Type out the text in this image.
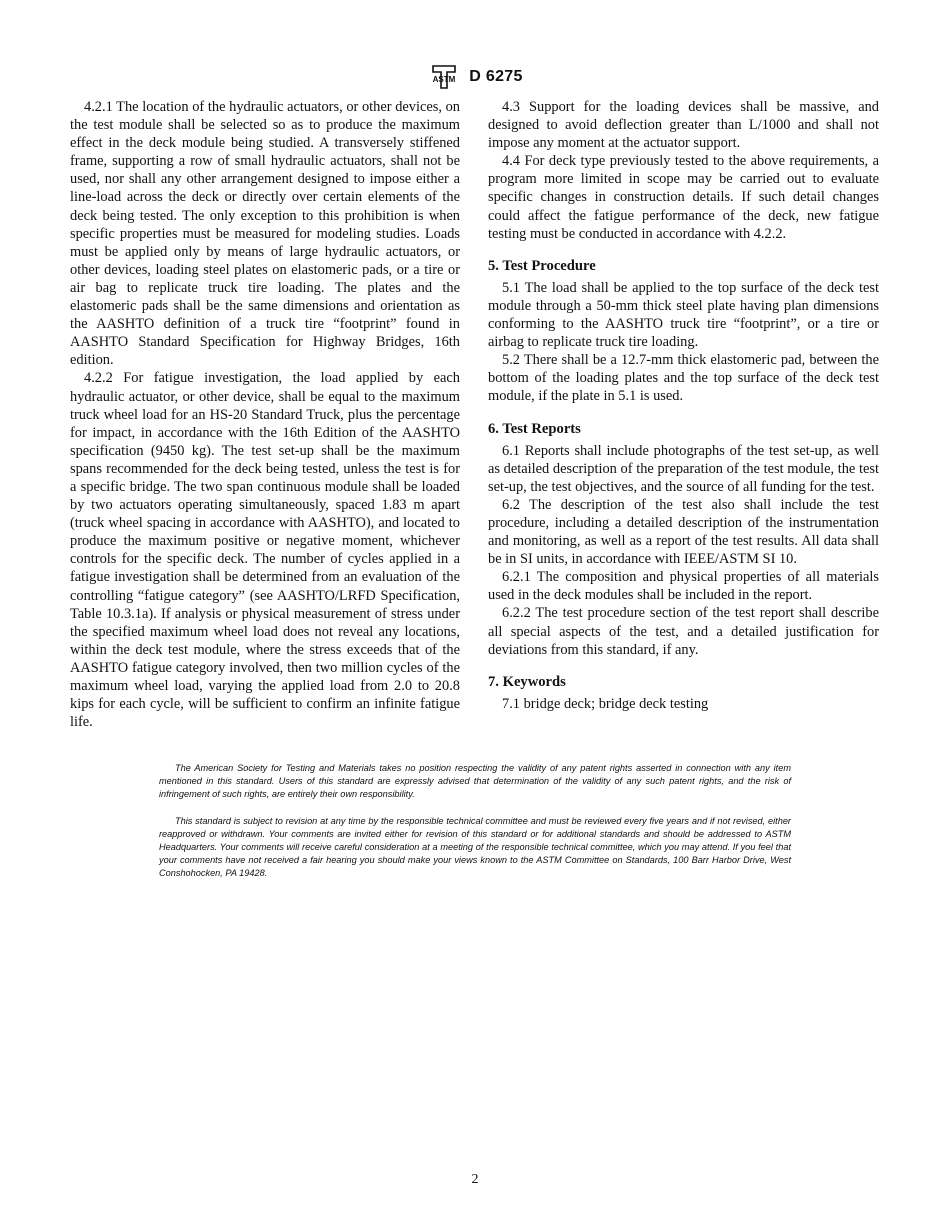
ASTM D 6275

4.2.1 The location of the hydraulic actuators, or other devices, on the test module shall be selected so as to produce the maximum effect in the deck module being studied. A transversely stiffened frame, supporting a row of small hydraulic actuators, shall not be used, nor shall any other arrangement designed to impose either a line-load across the deck or directly over certain elements of the deck being tested. The only exception to this prohibition is when specific properties must be measured for modeling studies. Loads must be applied only by means of large hydraulic actuators, or other devices, loading steel plates on elastomeric pads, or a tire or air bag to replicate truck tire loading. The plates and the elastomeric pads shall be the same dimensions and orientation as the AASHTO definition of a truck tire “footprint” found in AASHTO Standard Specification for Highway Bridges, 16th edition.

4.2.2 For fatigue investigation, the load applied by each hydraulic actuator, or other device, shall be equal to the maximum truck wheel load for an HS-20 Standard Truck, plus the percentage for impact, in accordance with the 16th Edition of the AASHTO specification (9450 kg). The test set-up shall be the maximum spans recommended for the deck being tested, unless the test is for a specific bridge. The two span continuous module shall be loaded by two actuators operating simultaneously, spaced 1.83 m apart (truck wheel spacing in accordance with AASHTO), and located to produce the maximum positive or negative moment, whichever controls for the specific deck. The number of cycles applied in a fatigue investigation shall be determined from an evaluation of the controlling “fatigue category” (see AASHTO/LRFD Specification, Table 10.3.1a). If analysis or physical measurement of stress under the specified maximum wheel load does not reveal any locations, within the deck test module, where the stress exceeds that of the AASHTO fatigue category involved, then two million cycles of the maximum wheel load, varying the applied load from 2.0 to 20.8 kips for each cycle, will be sufficient to confirm an infinite fatigue life.

4.3 Support for the loading devices shall be massive, and designed to avoid deflection greater than L/1000 and shall not impose any moment at the actuator support.

4.4 For deck type previously tested to the above requirements, a program more limited in scope may be carried out to evaluate specific changes in construction details. If such detail changes could affect the fatigue performance of the deck, new fatigue testing must be conducted in accordance with 4.2.2.

5. Test Procedure

5.1 The load shall be applied to the top surface of the deck test module through a 50-mm thick steel plate having plan dimensions conforming to the AASHTO truck tire “footprint”, or a tire or airbag to replicate truck tire loading.

5.2 There shall be a 12.7-mm thick elastomeric pad, between the bottom of the loading plates and the top surface of the deck test module, if the plate in 5.1 is used.

6. Test Reports

6.1 Reports shall include photographs of the test set-up, as well as detailed description of the preparation of the test module, the test set-up, the test objectives, and the source of all funding for the test.

6.2 The description of the test also shall include the test procedure, including a detailed description of the instrumentation and monitoring, as well as a report of the test results. All data shall be in SI units, in accordance with IEEE/ASTM SI 10.

6.2.1 The composition and physical properties of all materials used in the deck modules shall be included in the report.

6.2.2 The test procedure section of the test report shall describe all special aspects of the test, and a detailed justification for deviations from this standard, if any.

7. Keywords

7.1 bridge deck; bridge deck testing

The American Society for Testing and Materials takes no position respecting the validity of any patent rights asserted in connection with any item mentioned in this standard. Users of this standard are expressly advised that determination of the validity of any such patent rights, and the risk of infringement of such rights, are entirely their own responsibility.

This standard is subject to revision at any time by the responsible technical committee and must be reviewed every five years and if not revised, either reapproved or withdrawn. Your comments are invited either for revision of this standard or for additional standards and should be addressed to ASTM Headquarters. Your comments will receive careful consideration at a meeting of the responsible technical committee, which you may attend. If you feel that your comments have not received a fair hearing you should make your views known to the ASTM Committee on Standards, 100 Barr Harbor Drive, West Conshohocken, PA 19428.

2
